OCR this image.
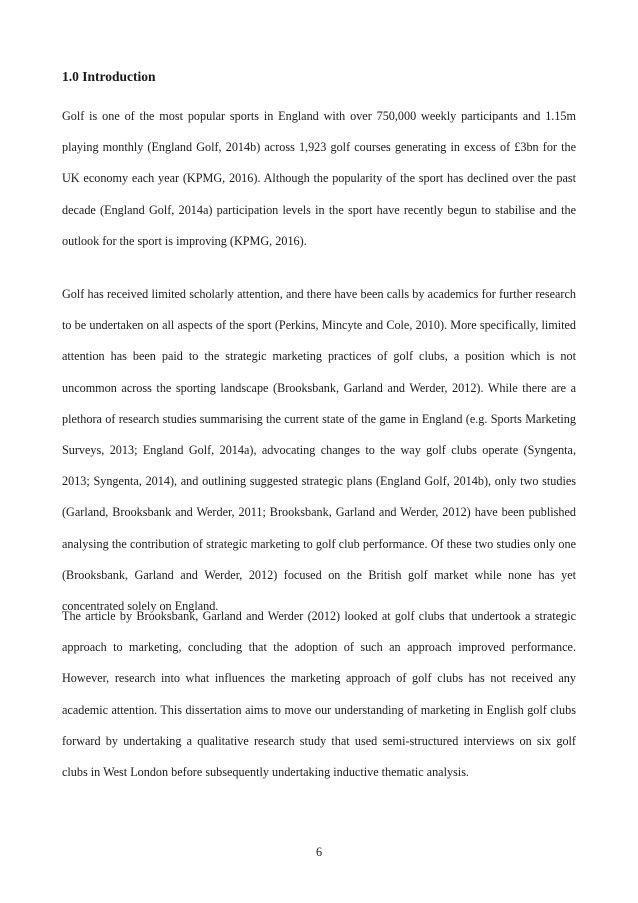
1.0 Introduction

Golf is one of the most popular sports in England with over 750,000 weekly participants and 1.15m playing monthly (England Golf, 2014b) across 1,923 golf courses generating in excess of £3bn for the UK economy each year (KPMG, 2016). Although the popularity of the sport has declined over the past decade (England Golf, 2014a) participation levels in the sport have recently begun to stabilise and the outlook for the sport is improving (KPMG, 2016).

Golf has received limited scholarly attention, and there have been calls by academics for further research to be undertaken on all aspects of the sport (Perkins, Mincyte and Cole, 2010). More specifically, limited attention has been paid to the strategic marketing practices of golf clubs, a position which is not uncommon across the sporting landscape (Brooksbank, Garland and Werder, 2012). While there are a plethora of research studies summarising the current state of the game in England (e.g. Sports Marketing Surveys, 2013; England Golf, 2014a), advocating changes to the way golf clubs operate (Syngenta, 2013; Syngenta, 2014), and outlining suggested strategic plans (England Golf, 2014b), only two studies (Garland, Brooksbank and Werder, 2011; Brooksbank, Garland and Werder, 2012) have been published analysing the contribution of strategic marketing to golf club performance. Of these two studies only one (Brooksbank, Garland and Werder, 2012) focused on the British golf market while none has yet concentrated solely on England.

The article by Brooksbank, Garland and Werder (2012) looked at golf clubs that undertook a strategic approach to marketing, concluding that the adoption of such an approach improved performance. However, research into what influences the marketing approach of golf clubs has not received any academic attention. This dissertation aims to move our understanding of marketing in English golf clubs forward by undertaking a qualitative research study that used semi-structured interviews on six golf clubs in West London before subsequently undertaking inductive thematic analysis.

6
